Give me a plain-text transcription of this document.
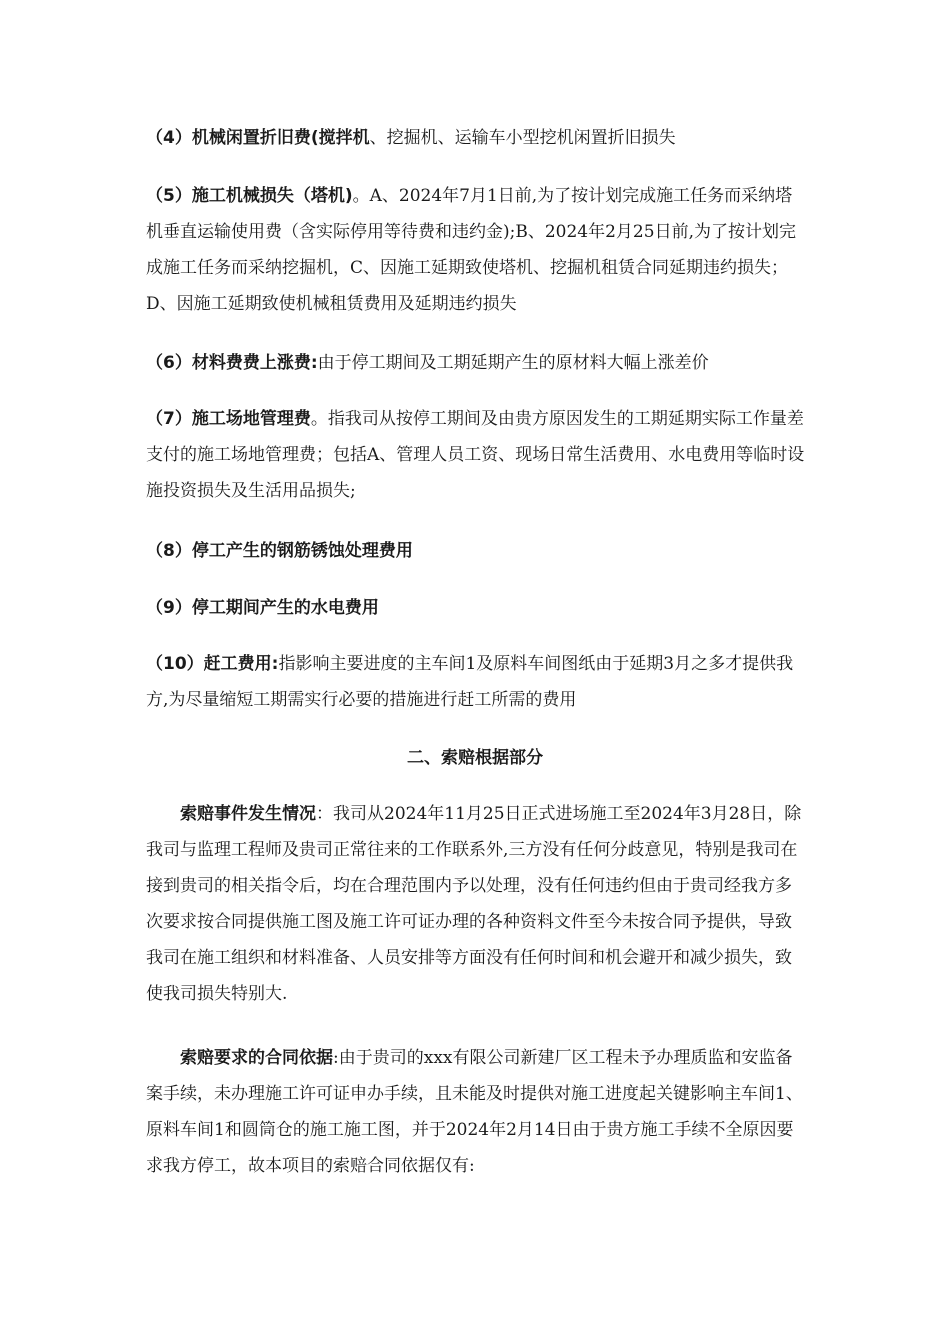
（4）机械闲置折旧费(搅拌机、挖掘机、运输车小型挖机闲置折旧损失

（5）施工机械损失（塔机)。A、2024年7月1日前,为了按计划完成施工任务而采纳塔机垂直运输使用费（含实际停用等待费和违约金);B、2024年2月25日前,为了按计划完成施工任务而采纳挖掘机，C、因施工延期致使塔机、挖掘机租赁合同延期违约损失；D、因施工延期致使机械租赁费用及延期违约损失

（6）材料费费上涨费:由于停工期间及工期延期产生的原材料大幅上涨差价

（7）施工场地管理费。指我司从按停工期间及由贵方原因发生的工期延期实际工作量差支付的施工场地管理费；包括A、管理人员工资、现场日常生活费用、水电费用等临时设施投资损失及生活用品损失;

（8）停工产生的钢筋锈蚀处理费用

（9）停工期间产生的水电费用

（10）赶工费用:指影响主要进度的主车间1及原料车间图纸由于延期3月之多才提供我方,为尽量缩短工期需实行必要的措施进行赶工所需的费用

二、索赔根据部分

索赔事件发生情况：我司从2024年11月25日正式进场施工至2024年3月28日，除我司与监理工程师及贵司正常往来的工作联系外,三方没有任何分歧意见，特别是我司在接到贵司的相关指令后，均在合理范围内予以处理，没有任何违约但由于贵司经我方多次要求按合同提供施工图及施工许可证办理的各种资料文件至今未按合同予提供，导致我司在施工组织和材料准备、人员安排等方面没有任何时间和机会避开和减少损失，致使我司损失特别大.

索赔要求的合同依据:由于贵司的xxx有限公司新建厂区工程未予办理质监和安监备案手续，未办理施工许可证申办手续，且未能及时提供对施工进度起关键影响主车间1、原料车间1和圆筒仓的施工施工图，并于2024年2月14日由于贵方施工手续不全原因要求我方停工，故本项目的索赔合同依据仅有:
